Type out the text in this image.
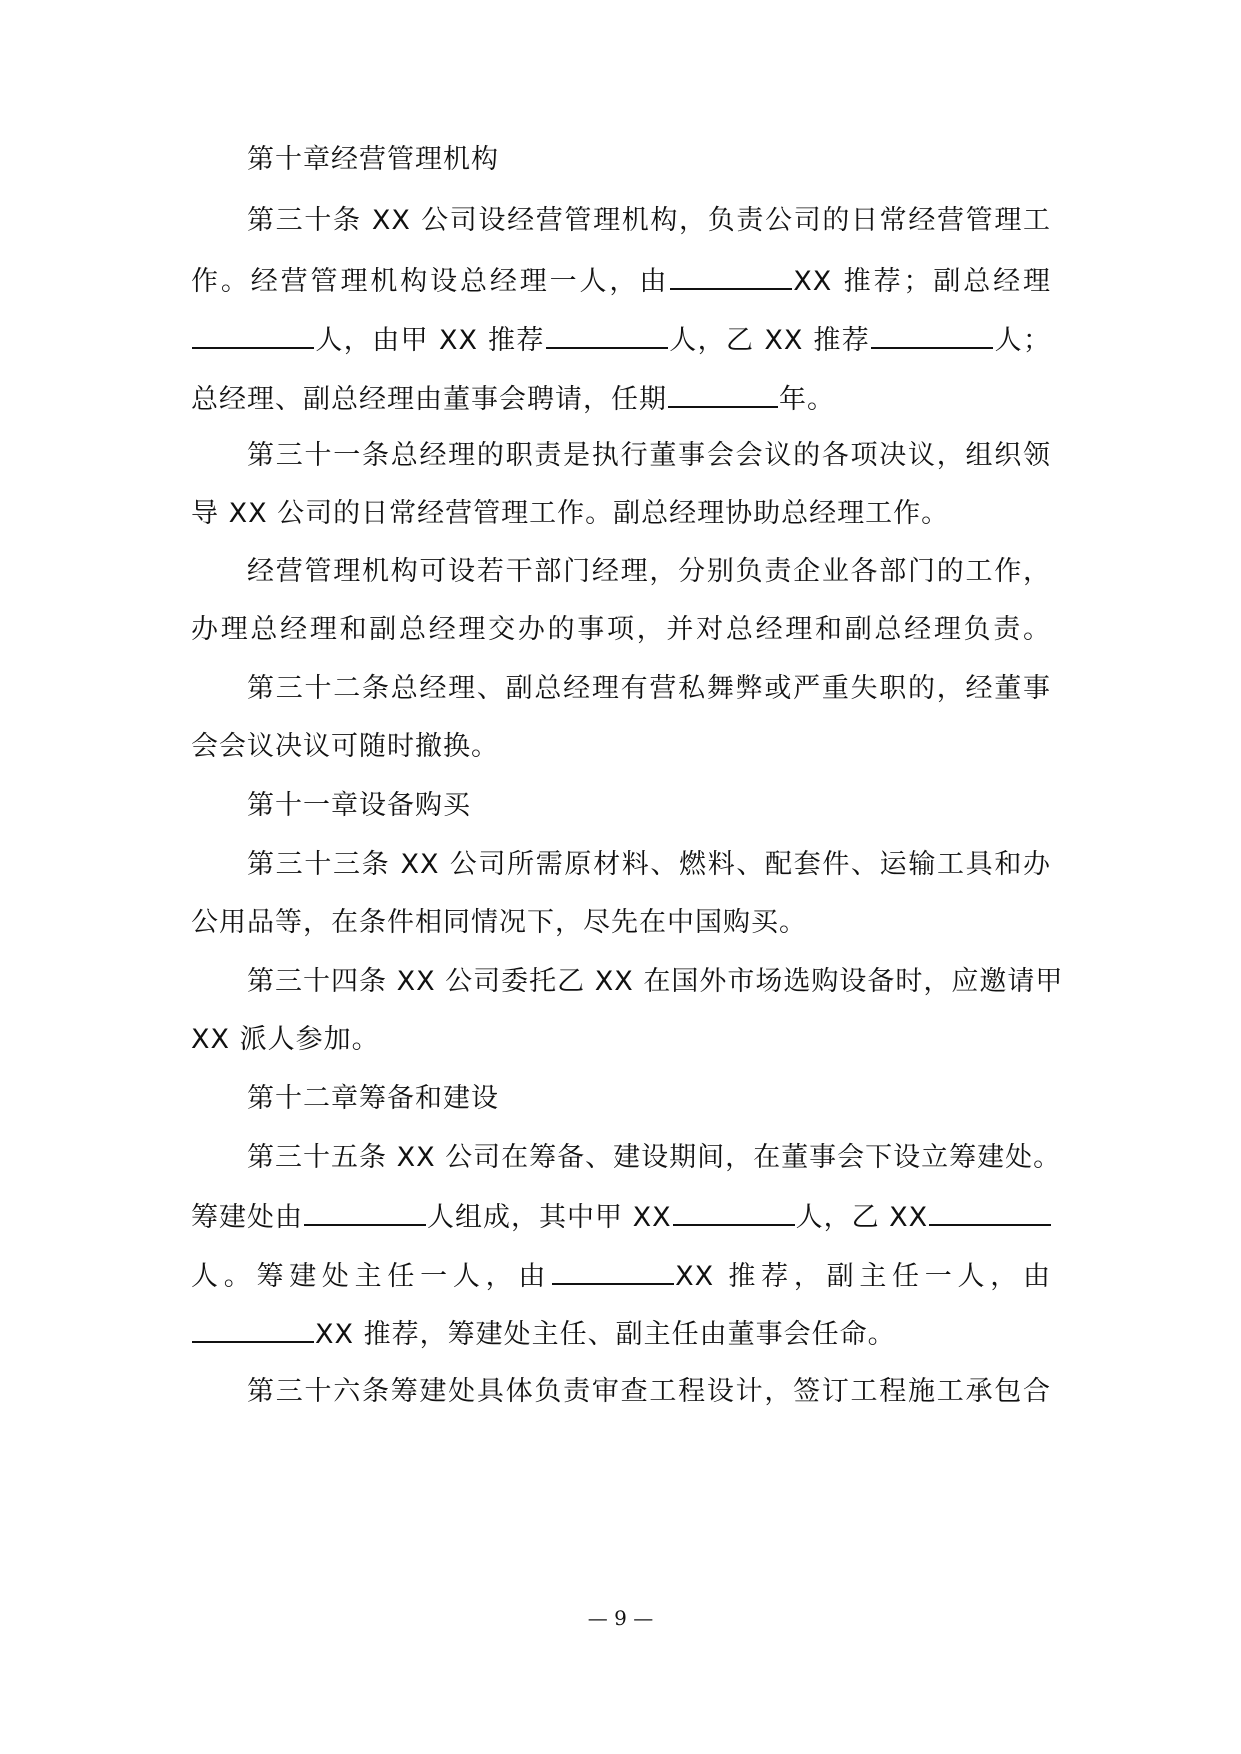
第十章经营管理机构
第三十条 XX 公司设经营管理机构，负责公司的日常经营管理工
作。经营管理机构设总经理一人，由	XX 推荐；副总经理
人，由甲 XX 推荐	人，乙 XX 推荐	人；
总经理、副总经理由董事会聘请，任期	年。
第三十一条总经理的职责是执行董事会会议的各项决议，组织领
导 XX 公司的日常经营管理工作。副总经理协助总经理工作。
经营管理机构可设若干部门经理，分别负责企业各部门的工作，
办理总经理和副总经理交办的事项，并对总经理和副总经理负责。
第三十二条总经理、副总经理有营私舞弊或严重失职的，经董事
会会议决议可随时撤换。
第十一章设备购买
第三十三条 XX 公司所需原材料、燃料、配套件、运输工具和办
公用品等，在条件相同情况下，尽先在中国购买。
第三十四条 XX 公司委托乙 XX 在国外市场选购设备时，应邀请甲
XX 派人参加。
第十二章筹备和建设
第三十五条 XX 公司在筹备、建设期间，在董事会下设立筹建处。
筹建处由	人组成，其中甲 XX	人，乙 XX
人。筹建处主任一人，由	XX 推荐，副主任一人，由
XX 推荐，筹建处主任、副主任由董事会任命。
第三十六条筹建处具体负责审查工程设计，签订工程施工承包合
— 9 —
